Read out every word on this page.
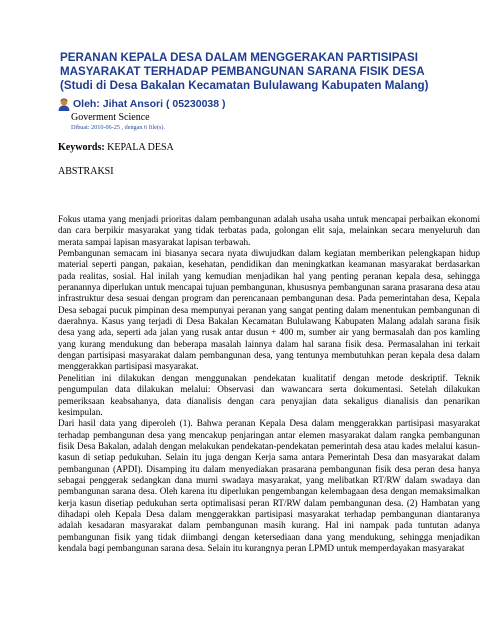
PERANAN KEPALA DESA DALAM MENGGERAKAN PARTISIPASI
MASYARAKAT TERHADAP PEMBANGUNAN SARANA FISIK DESA
(Studi di Desa Bakalan Kecamatan Bululawang Kabupaten Malang)
Oleh: Jihat Ansori ( 05230038 )
Goverment Science
Dibuat: 2010-06-25 , dengan 6 file(s).
Keywords: KEPALA DESA
ABSTRAKSI

Fokus utama yang menjadi prioritas dalam pembangunan adalah usaha usaha untuk mencapai perbaikan ekonomi dan cara berpikir masyarakat yang tidak terbatas pada, golongan elit saja, melainkan secara menyeluruh dan merata sampai lapisan masyarakat lapisan terbawah.

Pembangunan semacam ini biasanya secara nyata diwujudkan dalam kegiatan memberikan pelengkapan hidup material seperti pangan, pakaian, kesehatan, pendidikan dan meningkatkan keamanan masyarakat berdasarkan pada realitas, sosial. Hal inilah yang kemudian menjadikan hal yang penting peranan kepala desa, sehingga peranannya diperlukan untuk mencapai tujuan pembangunan, khususnya pembangunan sarana prasarana desa atau infrastruktur desa sesuai dengan program dan perencanaan pembangunan desa. Pada pemerintahan desa, Kepala Desa sebagai pucuk pimpinan desa mempunyai peranan yang sangat penting dalam menentukan pembangunan di daerahnya. Kasus yang terjadi di Desa Bakalan Kecamatan Bululawang Kabupaten Malang adalah sarana fisik desa yang ada, seperti ada jalan yang rusak antar dusun + 400 m, sumber air yang bermasalah dan pos kamling yang kurang mendukung dan beberapa masalah lainnya dalam hal sarana fisik desa. Permasalahan ini terkait dengan partisipasi masyarakat dalam pembangunan desa, yang tentunya membutuhkan peran kepala desa dalam menggerakkan partisipasi masyarakat.

Penelitian ini dilakukan dengan menggunakan pendekatan kualitatif dengan metode deskriptif. Teknik pengumpulan data dilakukan melalui: Observasi dan wawancara serta dokumentasi. Setelah dilakukan pemeriksaan keabsahanya, data dianalisis dengan cara penyajian data sekaligus dianalisis dan penarikan kesimpulan.

Dari hasil data yang diperoleh (1). Bahwa peranan Kepala Desa dalam menggerakkan partisipasi masyarakat terhadap pembangunan desa yang mencakup penjaringan antar elemen masyarakat dalam rangka pembangunan fisik Desa Bakalan, adalah dengan melakukan pendekatan-pendekatan pemerintah desa atau kades melalui kasun-kasun di setiap pedukuhan. Selain itu juga dengan Kerja sama antara Pemerintah Desa dan masyarakat dalam pembangunan (APDI). Disamping itu dalam menyediakan prasarana pembangunan fisik desa peran desa hanya sebagai penggerak sedangkan dana murni swadaya masyarakat, yang melibatkan RT/RW dalam swadaya dan pembangunan sarana desa. Oleh karena itu diperlukan pengembangan kelembagaan desa dengan memaksimalkan kerja kasun disetiap pedukuhan serta optimalisasi peran RT/RW dalam pembangunan desa. (2) Hambatan yang dihadapi oleh Kepala Desa dalam menggerakkan partisipasi masyarakat terhadap pembangunan diantaranya adalah kesadaran masyarakat dalam pembangunan masih kurang. Hal ini nampak pada tuntutan adanya pembangunan fisik yang tidak diimbangi dengan ketersediaan dana yang mendukung, sehingga menjadikan kendala bagi pembangunan sarana desa. Selain itu kurangnya peran LPMD untuk memperdayakan masyarakat
